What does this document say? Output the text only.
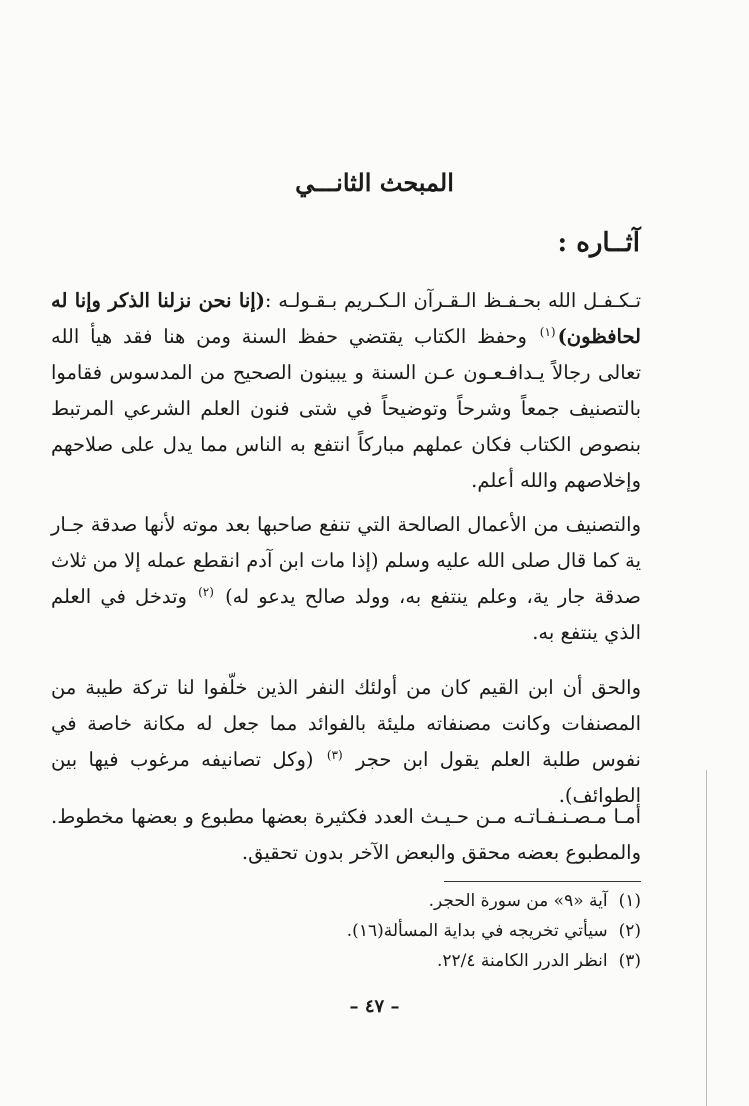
المبحث الثانـــي
آثــاره :

تـكـفـل الله بحـفـظ الـقـرآن الـكـريم بـقـولـه :(إنا نحن نزلنا الذكر وإنا له لحافظون)$^{(١)}$ وحفظ الكتاب يقتضي حفظ السنة ومن هنا فقد هيأ الله تعالى رجالاً يـدافـعـون عـن السنة و يبينون الصحيح من المدسوس فقاموا بالتصنيف جمعاً وشرحاً وتوضيحاً في شتى فنون العلم الشرعي المرتبط بنصوص الكتاب فكان عملهم مباركاً انتفع به الناس مما يدل على صلاحهم وإخلاصهم والله أعلم.

والتصنيف من الأعمال الصالحة التي تنفع صاحبها بعد موته لأنها صدقة جـار ية كما قال صلى الله عليه وسلم (إذا مات ابن آدم انقطع عمله إلا من ثلاث صدقة جار ية، وعلم ينتفع به، وولد صالح يدعو له) $^{(٢)}$ وتدخل في العلم الذي ينتفع به.

والحق أن ابن القيم كان من أولئك النفر الذين خلّفوا لنا تركة طيبة من المصنفات وكانت مصنفاته مليئة بالفوائد مما جعل له مكانة خاصة في نفوس طلبة العلم يقول ابن حجر $^{(٣)}$ (وكل تصانيفه مرغوب فيها بين الطوائف).

أمـا مـصـنـفـاتـه مـن حـيـث العدد فكثيرة بعضها مطبوع و بعضها مخطوط. والمطبوع بعضه محقق والبعض الآخر بدون تحقيق.

(١) آية «٩» من سورة الحجر.
(٢) سيأتي تخريجه في بداية المسألة(١٦).
(٣) انظر الدرر الكامنة ٢٢/٤.
– ٤٧ –
